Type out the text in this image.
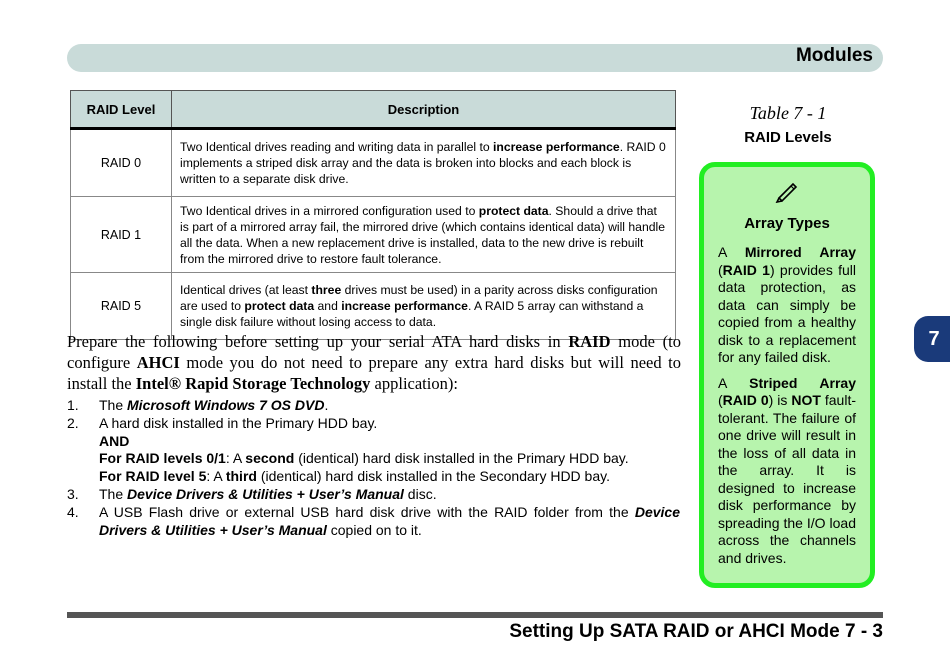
Modules
7
RAID Level	Description
RAID 0	Two Identical drives reading and writing data in parallel to increase performance. RAID 0 implements a striped disk array and the data is broken into blocks and each block is written to a separate disk drive.
RAID 1	Two Identical drives in a mirrored configuration used to protect data. Should a drive that is part of a mirrored array fail, the mirrored drive (which contains identical data) will handle all the data. When a new replacement drive is installed, data to the new drive is rebuilt from the mirrored drive to restore fault tolerance.
RAID 5	Identical drives (at least three drives must be used) in a parity across disks configuration are used to protect data and increase performance. A RAID 5 array can withstand a single disk failure without losing access to data.
Table 7 - 1
RAID Levels
Array Types

A Mirrored Array (RAID 1) provides full data protection, as data can simply be copied from a healthy disk to a replacement for any failed disk.

A Striped Array (RAID 0) is NOT fault-tolerant. The failure of one drive will result in the loss of all data in the array. It is designed to increase disk performance by spreading the I/O load across the channels and drives.

Prepare the following before setting up your serial ATA hard disks in RAID mode (to configure AHCI mode you do not need to prepare any extra hard disks but will need to install the Intel® Rapid Storage Technology application):
1. The Microsoft Windows 7 OS DVD.
2. A hard disk installed in the Primary HDD bay.
AND
For RAID levels 0/1: A second (identical) hard disk installed in the Primary HDD bay.
For RAID level 5: A third (identical) hard disk installed in the Secondary HDD bay.
3. The Device Drivers & Utilities + User’s Manual disc.
4. A USB Flash drive or external USB hard disk drive with the RAID folder from the Device Drivers & Utilities + User’s Manual copied on to it.
Setting Up SATA RAID or AHCI Mode 7 - 3
